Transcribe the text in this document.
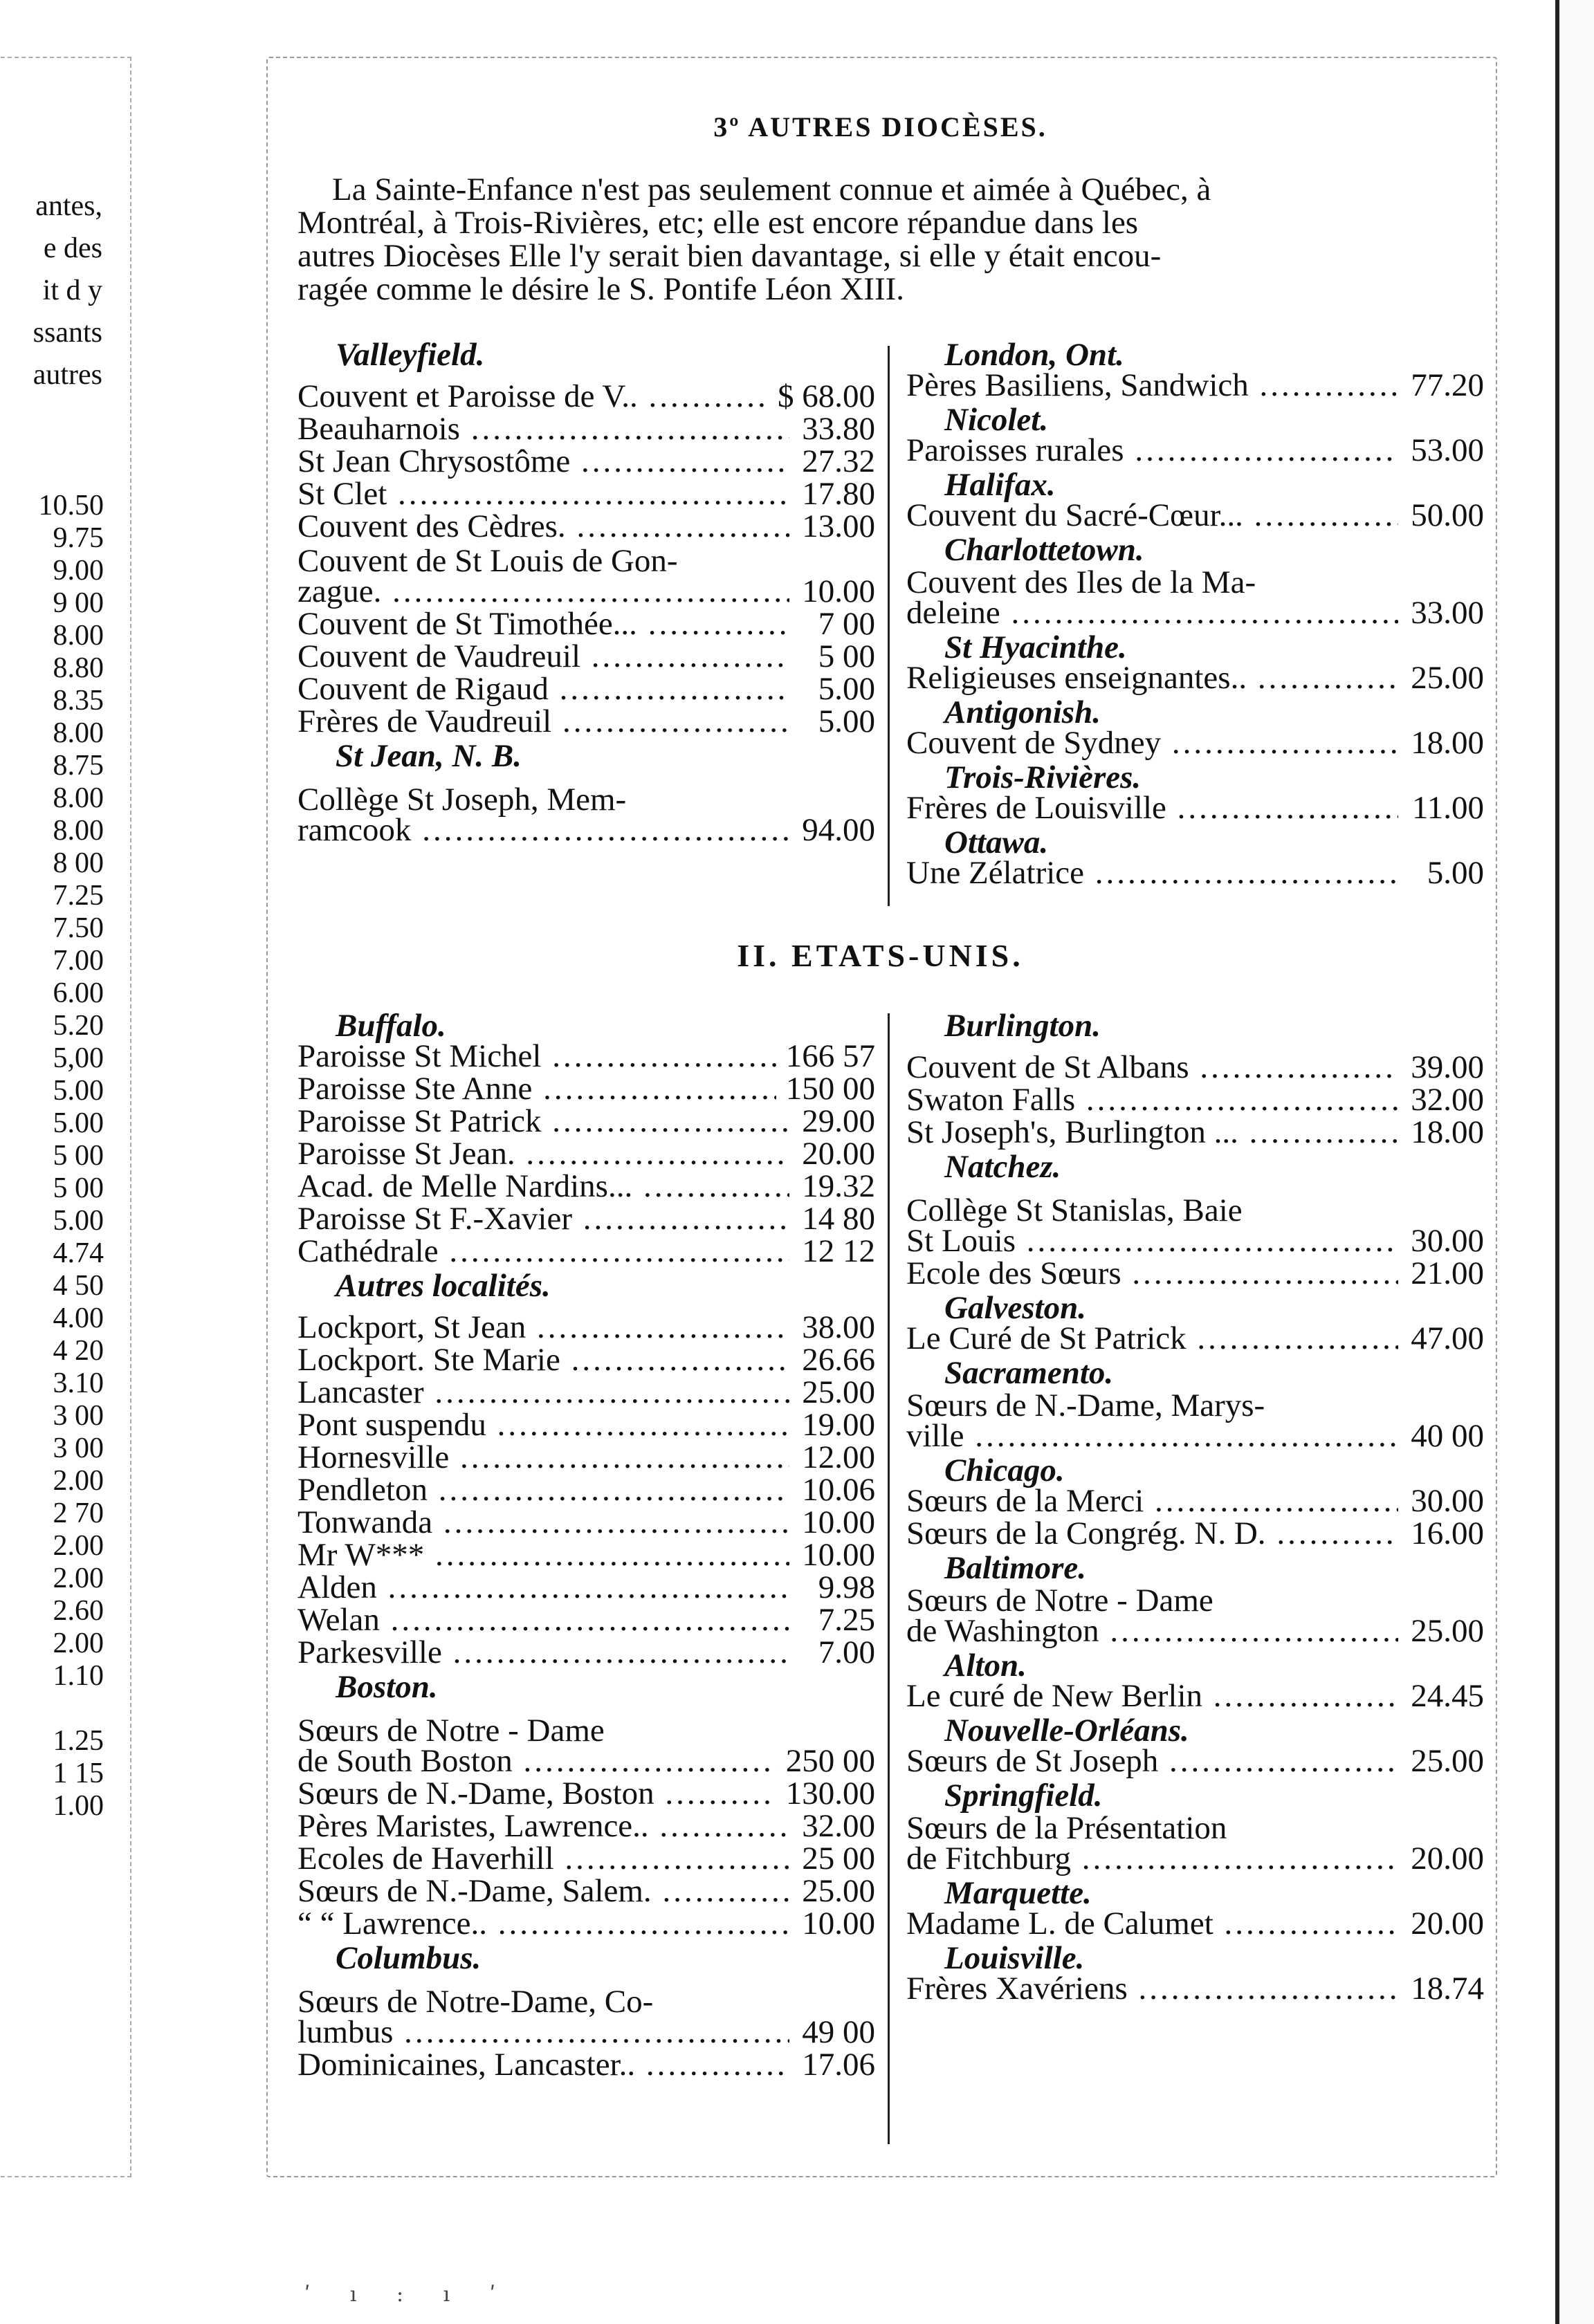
antes,
e des
it d y
ssants
autres
10.50
9.75
9.00
9 00
8.00
8.80
8.35
8.00
8.75
8.00
8.00
8 00
7.25
7.50
7.00
6.00
5.20
5,00
5.00
5.00
5 00
5 00
5.00
4.74
4 50
4.00
4 20
3.10
3 00
3 00
2.00
2 70
2.00
2.00
2.60
2.00
1.10
1.25
1 15
1.00
3º AUTRES DIOCÈSES.
La Sainte-Enfance n'est pas seulement connue et aimée à Québec, à
Montréal, à Trois-Rivières, etc; elle est encore répandue dans les
autres Diocèses Elle l'y serait bien davantage, si elle y était encou-
ragée comme le désire le S. Pontife Léon XIII.
Valleyfield.
Couvent et Paroisse de V.. .....	$ 68.00
Beauharnois .....	33.80
St Jean Chrysostôme .....	27.32
St Clet .....	17.80
Couvent des Cèdres. .....	13.00
Couvent de St Louis de Gon-
zague. .....	10.00
Couvent de St Timothée... .....	7 00
Couvent de Vaudreuil .....	5 00
Couvent de Rigaud .....	5.00
Frères de Vaudreuil .....	5.00
St Jean, N. B.
Collège St Joseph, Mem-
ramcook .....	94.00
London, Ont.
Pères Basiliens, Sandwich .....	77.20
Nicolet.
Paroisses rurales .....	53.00
Halifax.
Couvent du Sacré-Cœur... .....	50.00
Charlottetown.
Couvent des Iles de la Ma-
deleine .....	33.00
St Hyacinthe.
Religieuses enseignantes.. .....	25.00
Antigonish.
Couvent de Sydney .....	18.00
Trois-Rivières.
Frères de Louisville .....	11.00
Ottawa.
Une Zélatrice .....	5.00
II. ETATS-UNIS.
Buffalo.
Paroisse St Michel .....	166 57
Paroisse Ste Anne .....	150 00
Paroisse St Patrick .....	29.00
Paroisse St Jean. .....	20.00
Acad. de Melle Nardins... .....	19.32
Paroisse St F.-Xavier .....	14 80
Cathédrale .....	12 12
Autres localités.
Lockport, St Jean .....	38.00
Lockport. Ste Marie .....	26.66
Lancaster .....	25.00
Pont suspendu .....	19.00
Hornesville .....	12.00
Pendleton .....	10.06
Tonwanda .....	10.00
Mr W*** .....	10.00
Alden .....	9.98
Welan .....	7.25
Parkesville .....	7.00
Boston.
Sœurs de Notre - Dame
de South Boston .....	250 00
Sœurs de N.-Dame, Boston .....	130.00
Pères Maristes, Lawrence.. .....	32.00
Ecoles de Haverhill .....	25 00
Sœurs de N.-Dame, Salem. .....	25.00
“ “ Lawrence.. .....	10.00
Columbus.
Sœurs de Notre-Dame, Co-
lumbus .....	49 00
Dominicaines, Lancaster.. .....	17.06
Burlington.
Couvent de St Albans .....	39.00
Swaton Falls .....	32.00
St Joseph's, Burlington ... .....	18.00
Natchez.
Collège St Stanislas, Baie
St Louis .....	30.00
Ecole des Sœurs .....	21.00
Galveston.
Le Curé de St Patrick .....	47.00
Sacramento.
Sœurs de N.-Dame, Marys-
ville .....	40 00
Chicago.
Sœurs de la Merci .....	30.00
Sœurs de la Congrég. N. D. .....	16.00
Baltimore.
Sœurs de Notre - Dame
de Washington .....	25.00
Alton.
Le curé de New Berlin .....	24.45
Nouvelle-Orléans.
Sœurs de St Joseph .....	25.00
Springfield.
Sœurs de la Présentation
de Fitchburg .....	20.00
Marquette.
Madame L. de Calumet .....	20.00
Louisville.
Frères Xavériens .....	18.74
ʹ ı : ı ʹ
